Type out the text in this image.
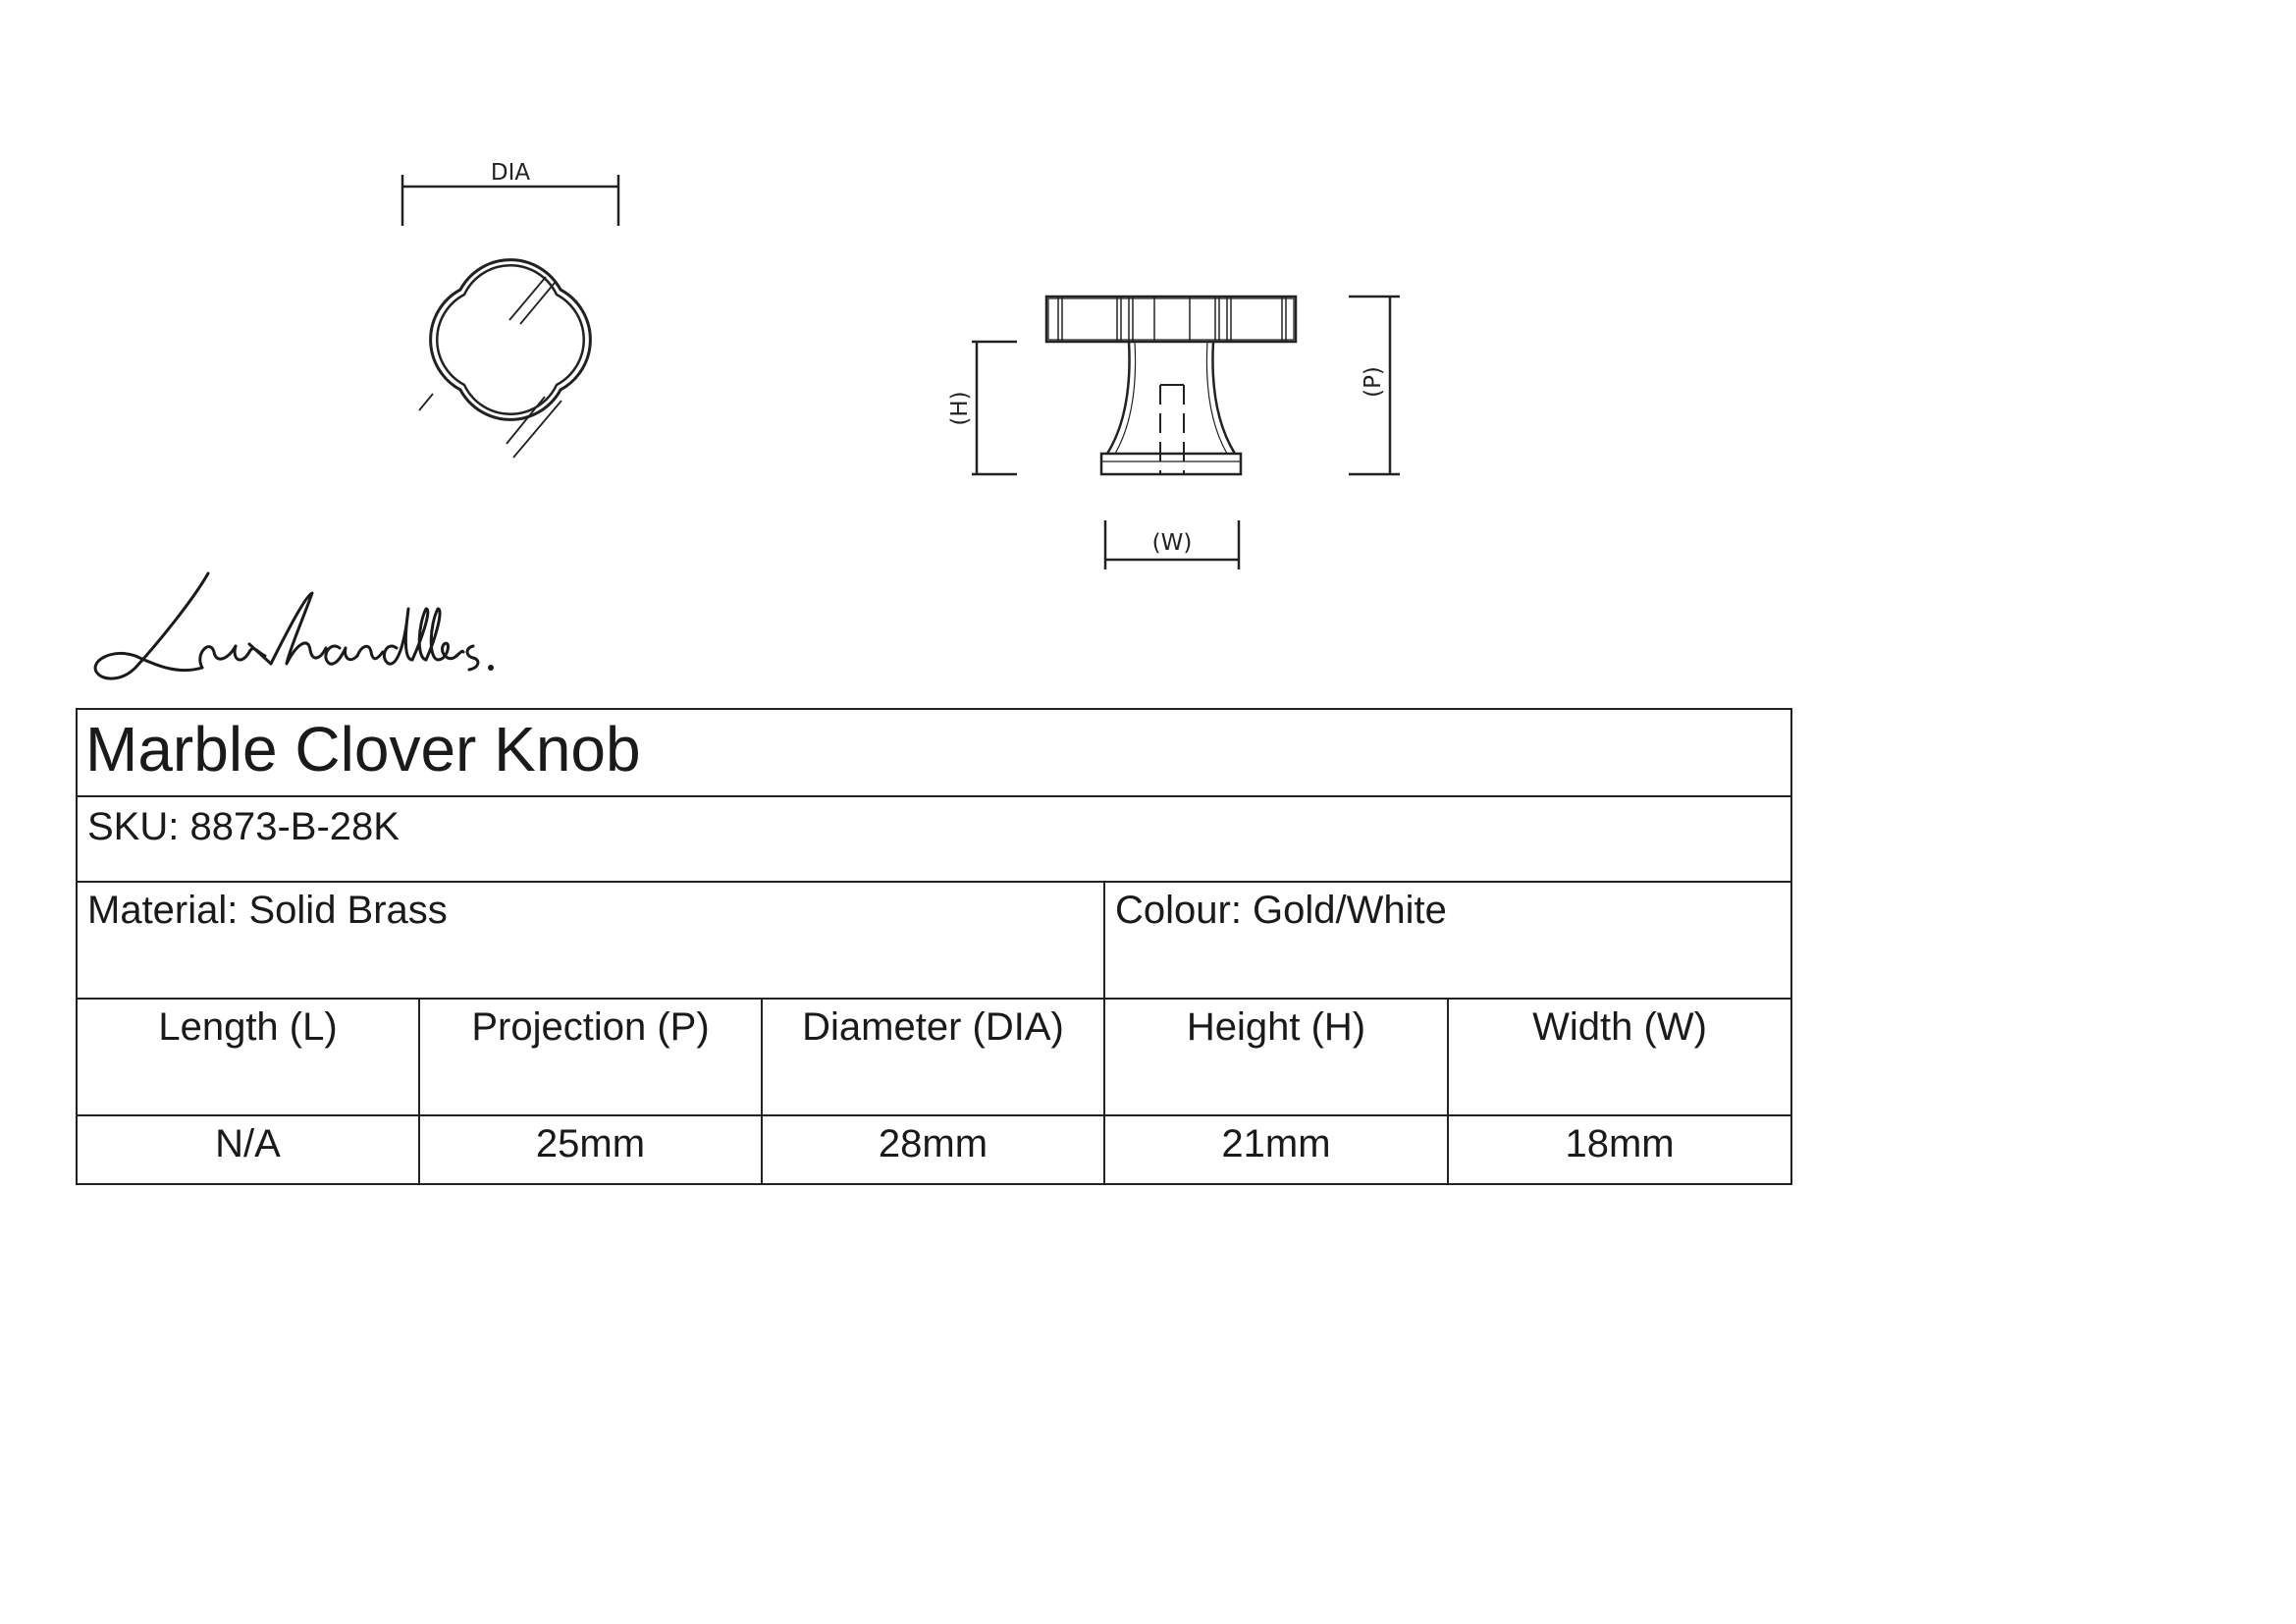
DIA
(H)
(P)
(W)
Marble Clover Knob				
SKU: 8873-B-28K				
Material: Solid Brass			Colour: Gold/White	
Length (L)	Projection (P)	Diameter (DIA)	Height (H)	Width (W)
N/A	25mm	28mm	21mm	18mm
